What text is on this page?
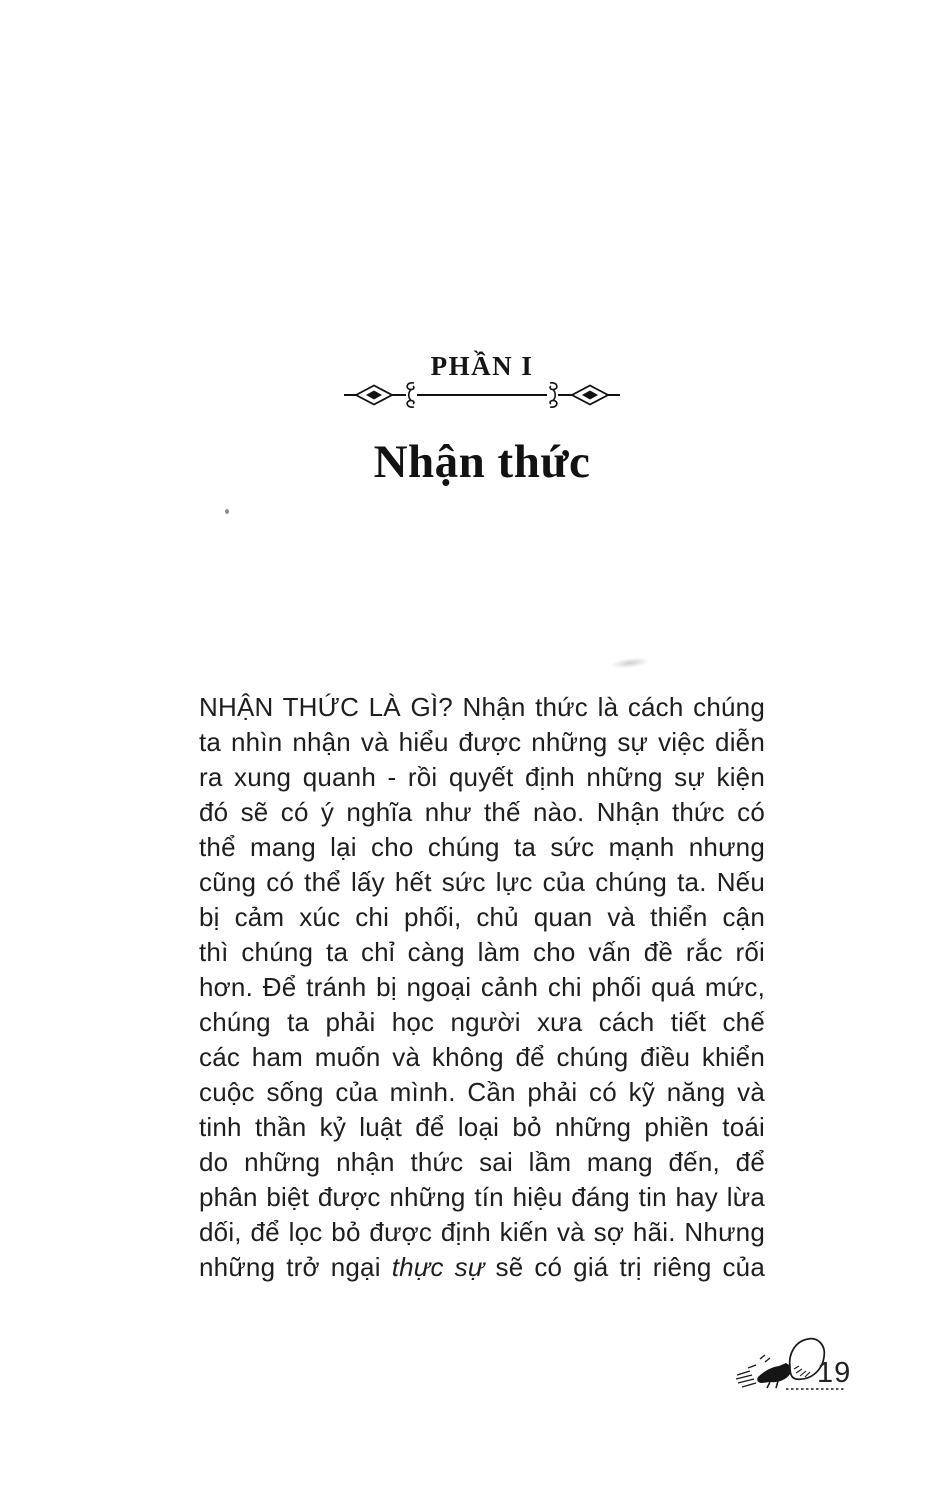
PHẦN I
Nhận thức
NHẬN THỨC LÀ GÌ? Nhận thức là cách chúng
ta nhìn nhận và hiểu được những sự việc diễn
ra xung quanh - rồi quyết định những sự kiện
đó sẽ có ý nghĩa như thế nào. Nhận thức có
thể mang lại cho chúng ta sức mạnh nhưng
cũng có thể lấy hết sức lực của chúng ta. Nếu
bị cảm xúc chi phối, chủ quan và thiển cận
thì chúng ta chỉ càng làm cho vấn đề rắc rối
hơn. Để tránh bị ngoại cảnh chi phối quá mức,
chúng ta phải học người xưa cách tiết chế
các ham muốn và không để chúng điều khiển
cuộc sống của mình. Cần phải có kỹ năng và
tinh thần kỷ luật để loại bỏ những phiền toái
do những nhận thức sai lầm mang đến, để
phân biệt được những tín hiệu đáng tin hay lừa
dối, để lọc bỏ được định kiến và sợ hãi. Nhưng
những trở ngại thực sự sẽ có giá trị riêng của
19
